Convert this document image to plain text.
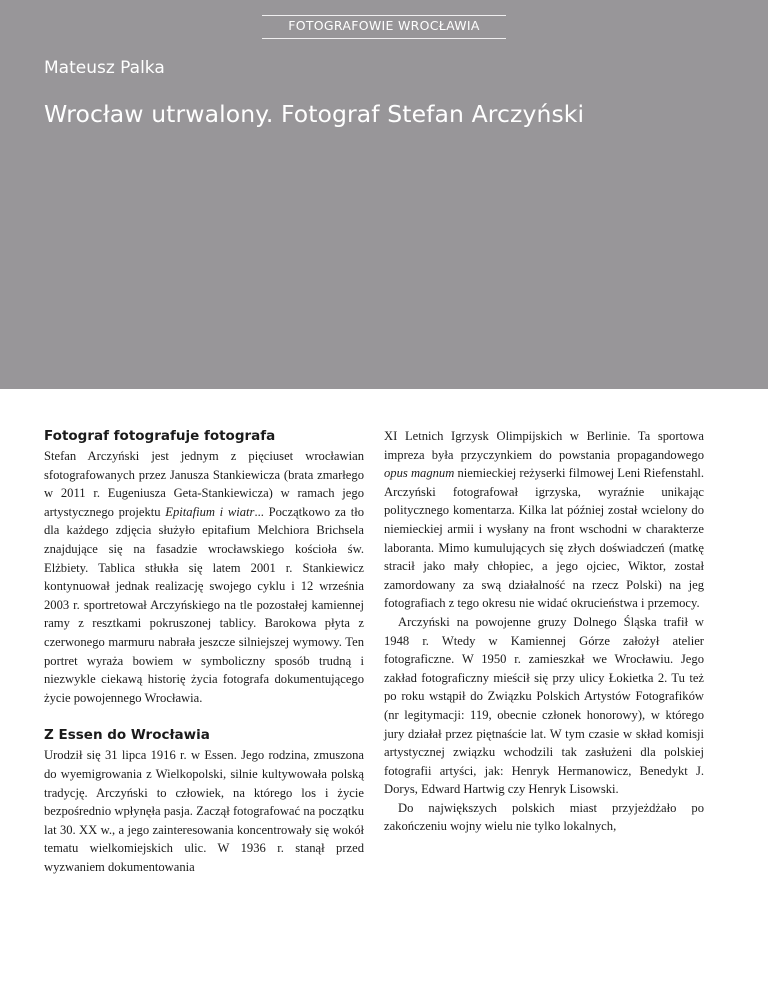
FOTOGRAFOWIE WROCŁAWIA
Mateusz Palka
Wrocław utrwalony. Fotograf Stefan Arczyński
Fotograf fotografuje fotografa

Stefan Arczyński jest jednym z pięciuset wrocławian sfotografowanych przez Janusza Stankiewicza (brata zmarłego w 2011 r. Eugeniusza Geta-Stankiewicza) w ramach jego artystycznego projektu Epitafium i wiatr... Początkowo za tło dla każdego zdjęcia służyło epitafium Melchiora Brichsela znajdujące się na fasadzie wrocławskiego kościoła św. Elżbiety. Tablica stłukła się latem 2001 r. Stankiewicz kontynuował jednak realizację swojego cyklu i 12 września 2003 r. sportretował Arczyńskiego na tle pozostałej kamiennej ramy z resztkami pokruszonej tablicy. Barokowa płyta z czerwonego marmuru nabrała jeszcze silniejszej wymowy. Ten portret wyraża bowiem w symboliczny sposób trudną i niezwykle ciekawą historię życia fotografa dokumentującego życie powojennego Wrocławia.

Z Essen do Wrocławia

Urodził się 31 lipca 1916 r. w Essen. Jego rodzina, zmuszona do wyemigrowania z Wielkopolski, silnie kultywowała polską tradycję. Arczyński to człowiek, na którego los i życie bezpośrednio wpłynęła pasja. Zaczął fotografować na początku lat 30. XX w., a jego zainteresowania koncentrowały się wokół tematu wielkomiejskich ulic. W 1936 r. stanął przed wyzwaniem dokumentowania

XI Letnich Igrzysk Olimpijskich w Berlinie. Ta sportowa impreza była przyczynkiem do powstania propagandowego opus magnum niemieckiej reżyserki filmowej Leni Riefenstahl. Arczyński fotografował igrzyska, wyraźnie unikając politycznego komentarza. Kilka lat później został wcielony do niemieckiej armii i wysłany na front wschodni w charakterze laboranta. Mimo kumulujących się złych doświadczeń (matkę stracił jako mały chłopiec, a jego ojciec, Wiktor, został zamordowany za swą działalność na rzecz Polski) na jeg fotografiach z tego okresu nie widać okrucieństwa i przemocy.

Arczyński na powojenne gruzy Dolnego Śląska trafił w 1948 r. Wtedy w Kamiennej Górze założył atelier fotograficzne. W 1950 r. zamieszkał we Wrocławiu. Jego zakład fotograficzny mieścił się przy ulicy Łokietka 2. Tu też po roku wstąpił do Związku Polskich Artystów Fotografików (nr legitymacji: 119, obecnie członek honorowy), w którego jury działał przez piętnaście lat. W tym czasie w skład komisji artystycznej związku wchodzili tak zasłużeni dla polskiej fotografii artyści, jak: Henryk Hermanowicz, Benedykt J. Dorys, Edward Hartwig czy Henryk Lisowski.

Do największych polskich miast przyjeżdżało po zakończeniu wojny wielu nie tylko lokalnych,
